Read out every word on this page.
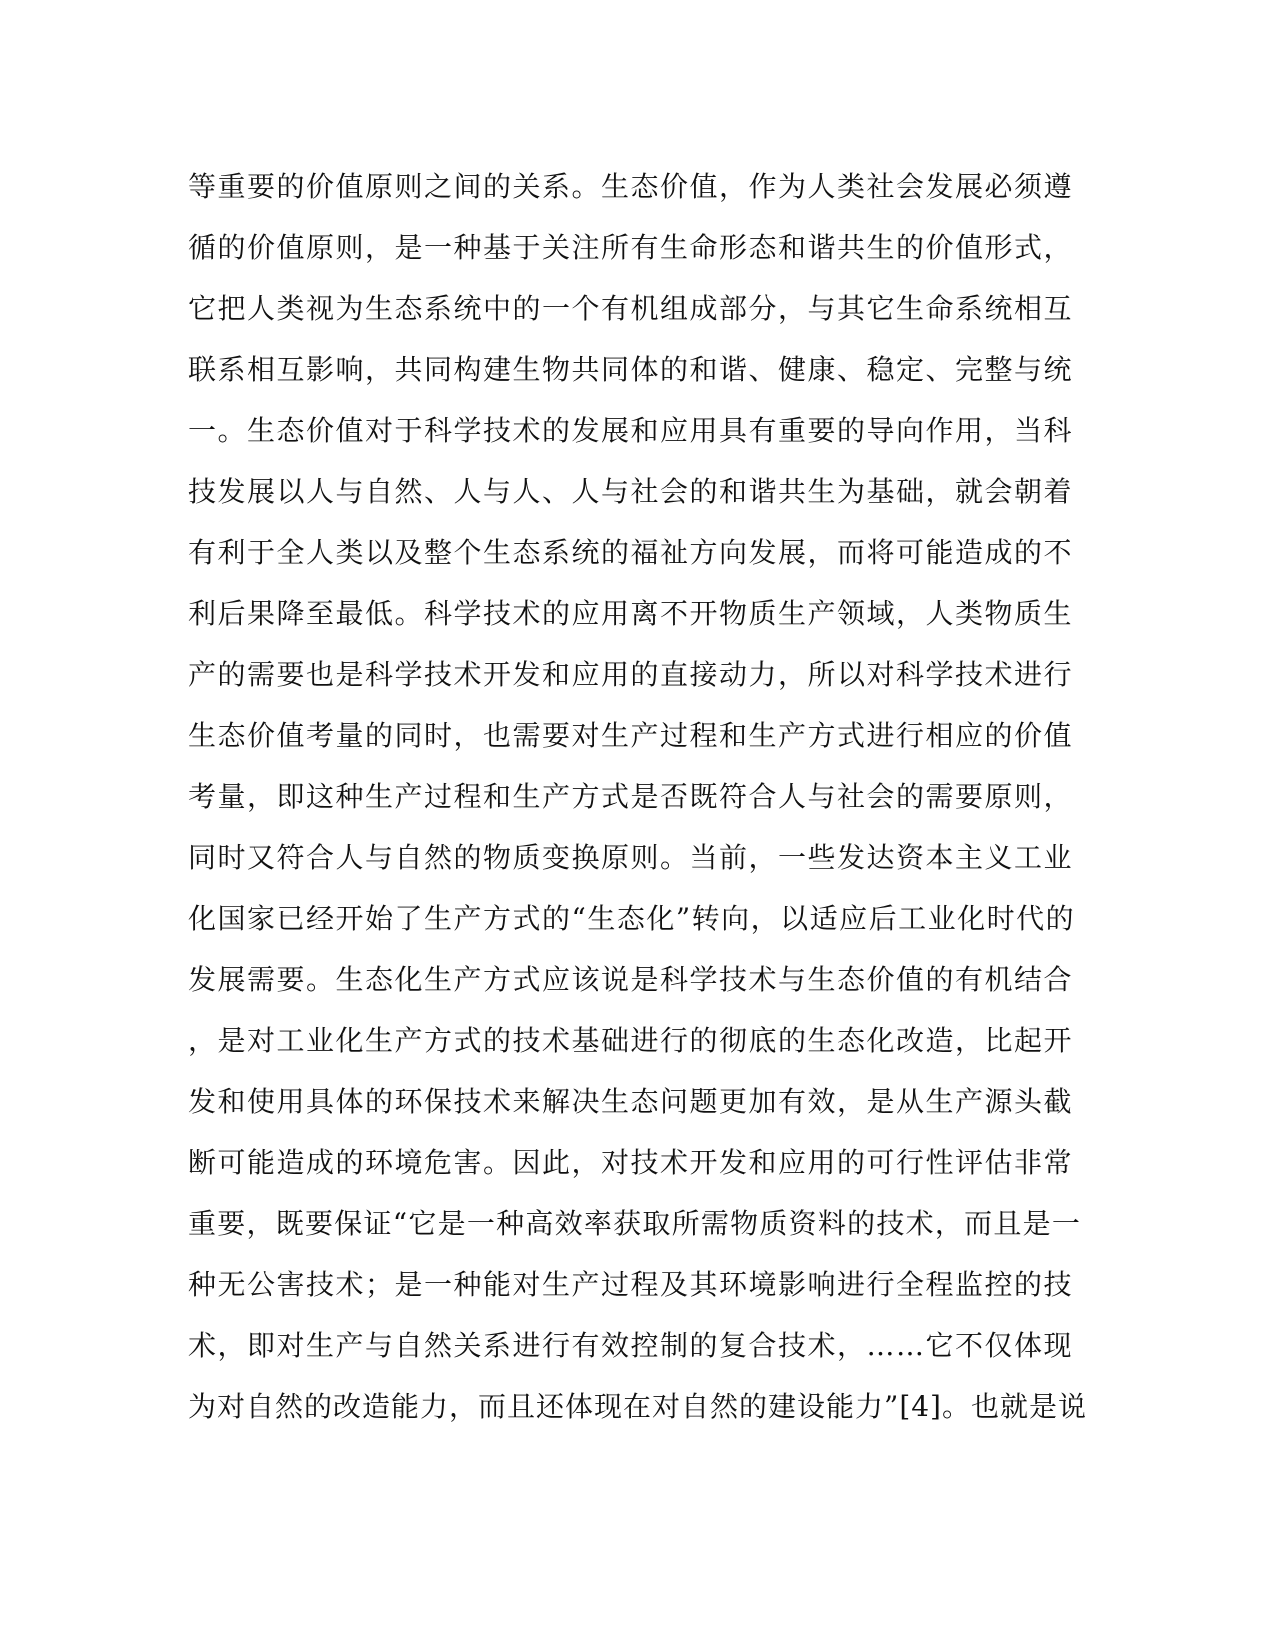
等重要的价值原则之间的关系。生态价值，作为人类社会发展必须遵
循的价值原则，是一种基于关注所有生命形态和谐共生的价值形式，
它把人类视为生态系统中的一个有机组成部分，与其它生命系统相互
联系相互影响，共同构建生物共同体的和谐、健康、稳定、完整与统
一。生态价值对于科学技术的发展和应用具有重要的导向作用，当科
技发展以人与自然、人与人、人与社会的和谐共生为基础，就会朝着
有利于全人类以及整个生态系统的福祉方向发展，而将可能造成的不
利后果降至最低。科学技术的应用离不开物质生产领域，人类物质生
产的需要也是科学技术开发和应用的直接动力，所以对科学技术进行
生态价值考量的同时，也需要对生产过程和生产方式进行相应的价值
考量，即这种生产过程和生产方式是否既符合人与社会的需要原则，
同时又符合人与自然的物质变换原则。当前，一些发达资本主义工业
化国家已经开始了生产方式的“生态化”转向，以适应后工业化时代的
发展需要。生态化生产方式应该说是科学技术与生态价值的有机结合
，是对工业化生产方式的技术基础进行的彻底的生态化改造，比起开
发和使用具体的环保技术来解决生态问题更加有效，是从生产源头截
断可能造成的环境危害。因此，对技术开发和应用的可行性评估非常
重要，既要保证“它是一种高效率获取所需物质资料的技术，而且是一
种无公害技术；是一种能对生产过程及其环境影响进行全程监控的技
术，即对生产与自然关系进行有效控制的复合技术，……它不仅体现
为对自然的改造能力，而且还体现在对自然的建设能力”[4]。也就是说
